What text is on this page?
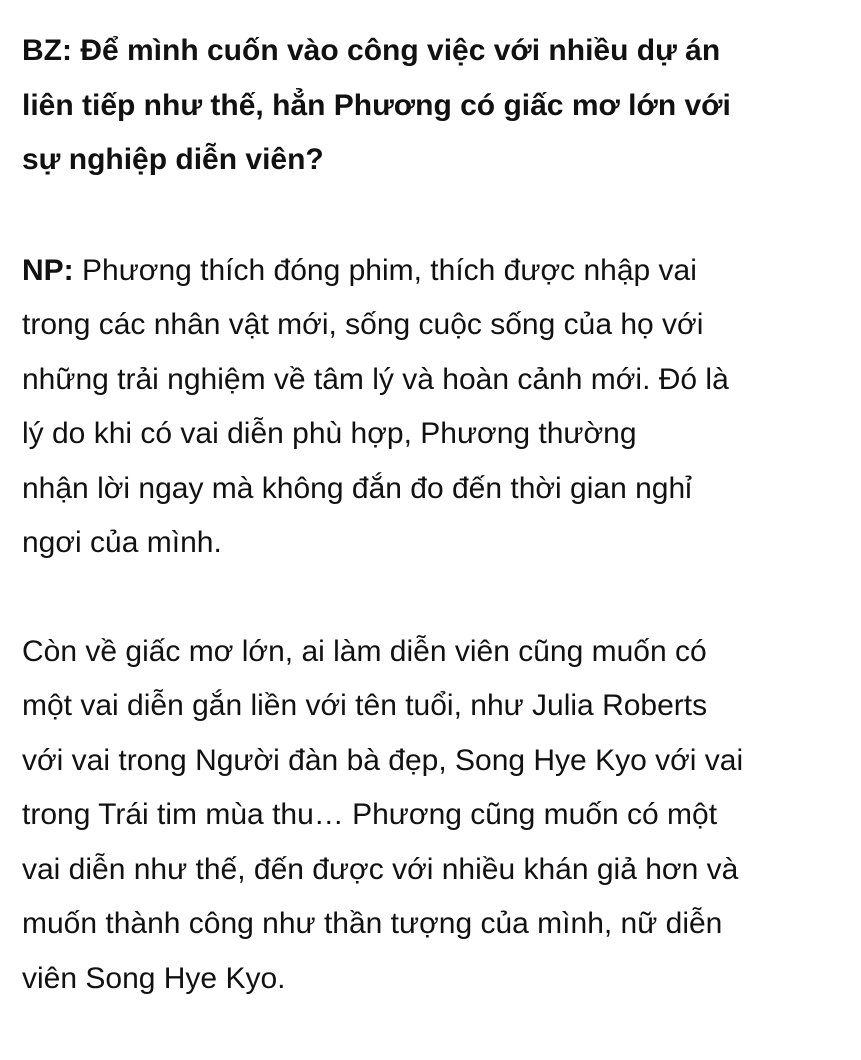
BZ: Để mình cuốn vào công việc với nhiều dự án
liên tiếp như thế, hẳn Phương có giấc mơ lớn với
sự nghiệp diễn viên?

NP: Phương thích đóng phim, thích được nhập vai
trong các nhân vật mới, sống cuộc sống của họ với
những trải nghiệm về tâm lý và hoàn cảnh mới. Đó là
lý do khi có vai diễn phù hợp, Phương thường
nhận lời ngay mà không đắn đo đến thời gian nghỉ
ngơi của mình.

Còn về giấc mơ lớn, ai làm diễn viên cũng muốn có
một vai diễn gắn liền với tên tuổi, như Julia Roberts
với vai trong Người đàn bà đẹp, Song Hye Kyo với vai
trong Trái tim mùa thu… Phương cũng muốn có một
vai diễn như thế, đến được với nhiều khán giả hơn và
muốn thành công như thần tượng của mình, nữ diễn
viên Song Hye Kyo.
